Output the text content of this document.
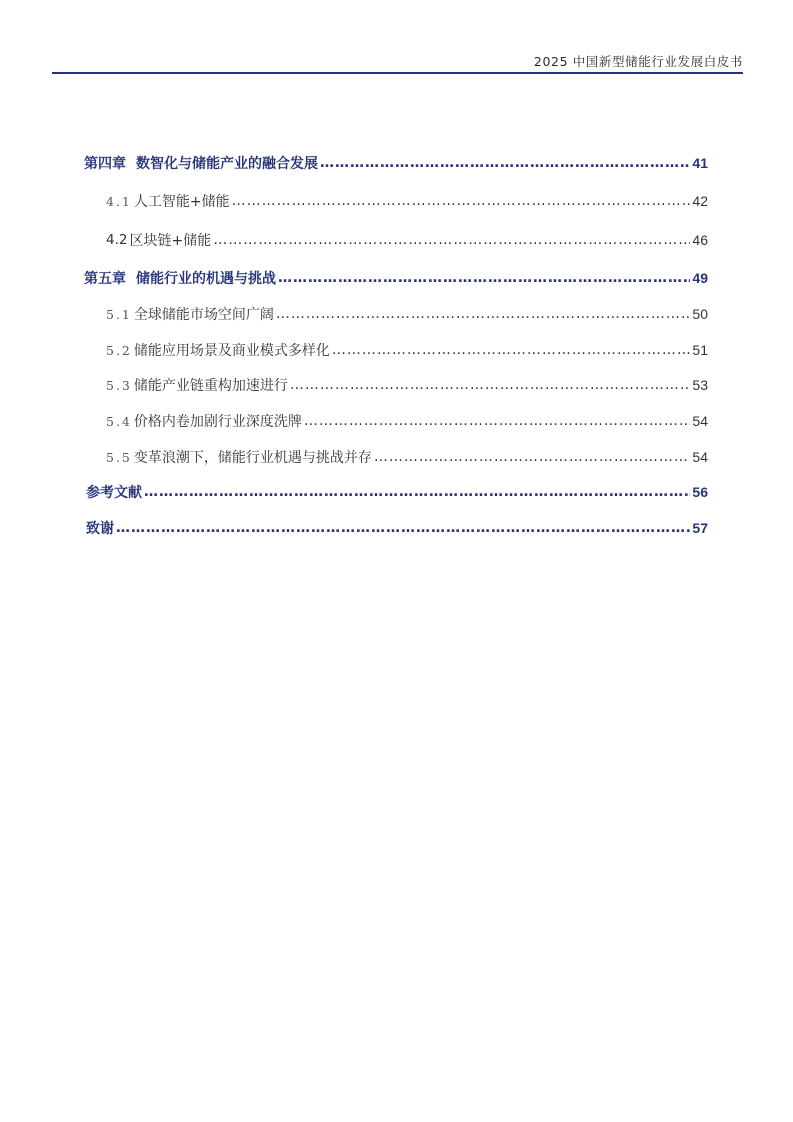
2025 中国新型储能行业发展白皮书
第四章 数智化与储能产业的融合发展 ………………………………………………………………………………………………………………………………………………………………………………………………………………	41
4.1 人工智能+储能 ………………………………………………………………………………………………………………………………………………………………………………………………………………	42
4.2 区块链+储能 ………………………………………………………………………………………………………………………………………………………………………………………………………………	46
第五章 储能行业的机遇与挑战 ………………………………………………………………………………………………………………………………………………………………………………………………………………	49
5.1 全球储能市场空间广阔 ………………………………………………………………………………………………………………………………………………………………………………………………………………	50
5.2 储能应用场景及商业模式多样化 ………………………………………………………………………………………………………………………………………………………………………………………………………………	51
5.3 储能产业链重构加速进行 ………………………………………………………………………………………………………………………………………………………………………………………………………………	53
5.4 价格内卷加剧行业深度洗牌 ………………………………………………………………………………………………………………………………………………………………………………………………………………	54
5.5 变革浪潮下，储能行业机遇与挑战并存 ………………………………………………………………………………………………………………………………………………………………………………………………………………	54
参考文献 ………………………………………………………………………………………………………………………………………………………………………………………………………………	56
致谢 ………………………………………………………………………………………………………………………………………………………………………………………………………………	57
